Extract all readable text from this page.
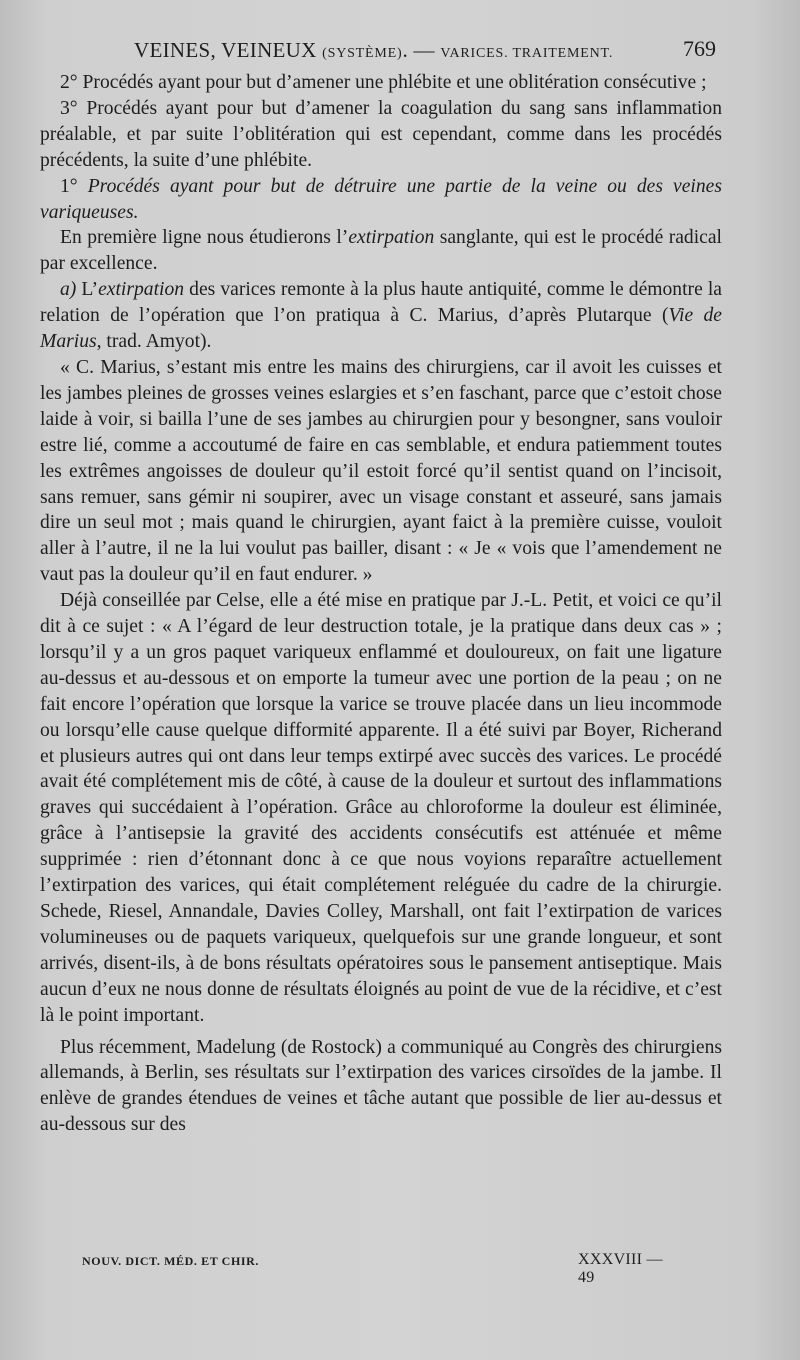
VEINES, VEINEUX (SYSTÈME). — VARICES. TRAITEMENT.	769

2° Procédés ayant pour but d’amener une phlébite et une oblitération consécutive ;

3° Procédés ayant pour but d’amener la coagulation du sang sans inflammation préalable, et par suite l’oblitération qui est cependant, comme dans les procédés précédents, la suite d’une phlébite.

1° Procédés ayant pour but de détruire une partie de la veine ou des veines variqueuses.

En première ligne nous étudierons l’extirpation sanglante, qui est le procédé radical par excellence.

a) L’extirpation des varices remonte à la plus haute antiquité, comme le démontre la relation de l’opération que l’on pratiqua à C. Marius, d’après Plutarque (Vie de Marius, trad. Amyot).

« C. Marius, s’estant mis entre les mains des chirurgiens, car il avoit les cuisses et les jambes pleines de grosses veines eslargies et s’en faschant, parce que c’estoit chose laide à voir, si bailla l’une de ses jambes au chirurgien pour y besongner, sans vouloir estre lié, comme a accoutumé de faire en cas semblable, et endura patiemment toutes les extrêmes angoisses de douleur qu’il estoit forcé qu’il sentist quand on l’incisoit, sans remuer, sans gémir ni soupirer, avec un visage constant et asseuré, sans jamais dire un seul mot ; mais quand le chirurgien, ayant faict à la première cuisse, vouloit aller à l’autre, il ne la lui voulut pas bailler, disant : « Je « vois que l’amendement ne vaut pas la douleur qu’il en faut endurer. »

Déjà conseillée par Celse, elle a été mise en pratique par J.-L. Petit, et voici ce qu’il dit à ce sujet : « A l’égard de leur destruction totale, je la pratique dans deux cas » ; lorsqu’il y a un gros paquet variqueux enflammé et douloureux, on fait une ligature au-dessus et au-dessous et on emporte la tumeur avec une portion de la peau ; on ne fait encore l’opération que lorsque la varice se trouve placée dans un lieu incommode ou lorsqu’elle cause quelque difformité apparente. Il a été suivi par Boyer, Richerand et plusieurs autres qui ont dans leur temps extirpé avec succès des varices. Le procédé avait été complétement mis de côté, à cause de la douleur et surtout des inflammations graves qui succédaient à l’opération. Grâce au chloroforme la douleur est éliminée, grâce à l’antisepsie la gravité des accidents consécutifs est atténuée et même supprimée : rien d’étonnant donc à ce que nous voyions reparaître actuellement l’extirpation des varices, qui était complétement reléguée du cadre de la chirurgie. Schede, Riesel, Annandale, Davies Colley, Marshall, ont fait l’extirpation de varices volumineuses ou de paquets variqueux, quelquefois sur une grande longueur, et sont arrivés, disent-ils, à de bons résultats opératoires sous le pansement antiseptique. Mais aucun d’eux ne nous donne de résultats éloignés au point de vue de la récidive, et c’est là le point important.

Plus récemment, Madelung (de Rostock) a communiqué au Congrès des chirurgiens allemands, à Berlin, ses résultats sur l’extirpation des varices cirsoïdes de la jambe. Il enlève de grandes étendues de veines et tâche autant que possible de lier au-dessus et au-dessous sur des

NOUV. DICT. MÉD. ET CHIR.	XXXVIII — 49
